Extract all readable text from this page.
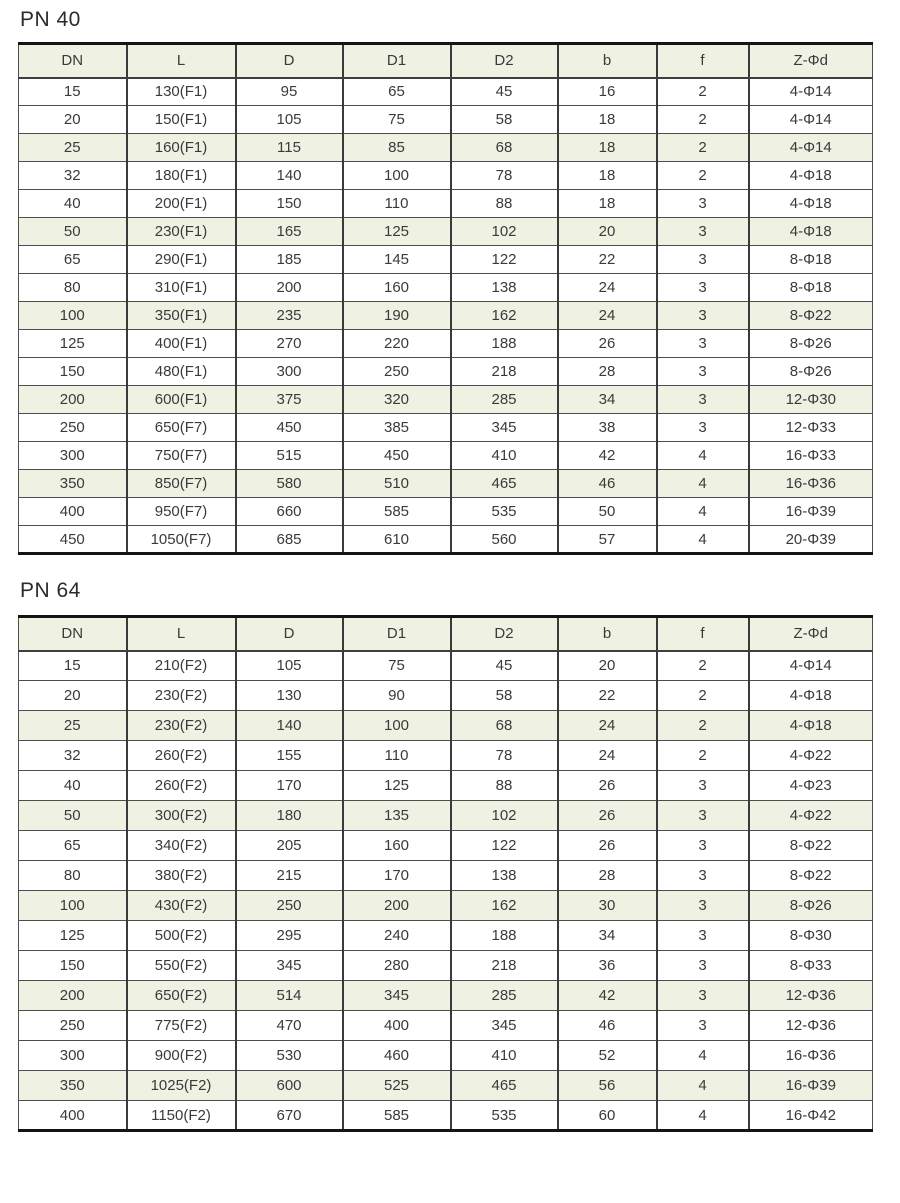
PN 40
DN	L	D	D1	D2	b	f	Z-Φd
15	130(F1)	95	65	45	16	2	4-Φ14
20	150(F1)	105	75	58	18	2	4-Φ14
25	160(F1)	115	85	68	18	2	4-Φ14
32	180(F1)	140	100	78	18	2	4-Φ18
40	200(F1)	150	110	88	18	3	4-Φ18
50	230(F1)	165	125	102	20	3	4-Φ18
65	290(F1)	185	145	122	22	3	8-Φ18
80	310(F1)	200	160	138	24	3	8-Φ18
100	350(F1)	235	190	162	24	3	8-Φ22
125	400(F1)	270	220	188	26	3	8-Φ26
150	480(F1)	300	250	218	28	3	8-Φ26
200	600(F1)	375	320	285	34	3	12-Φ30
250	650(F7)	450	385	345	38	3	12-Φ33
300	750(F7)	515	450	410	42	4	16-Φ33
350	850(F7)	580	510	465	46	4	16-Φ36
400	950(F7)	660	585	535	50	4	16-Φ39
450	1050(F7)	685	610	560	57	4	20-Φ39
PN 64
DN	L	D	D1	D2	b	f	Z-Φd
15	210(F2)	105	75	45	20	2	4-Φ14
20	230(F2)	130	90	58	22	2	4-Φ18
25	230(F2)	140	100	68	24	2	4-Φ18
32	260(F2)	155	110	78	24	2	4-Φ22
40	260(F2)	170	125	88	26	3	4-Φ23
50	300(F2)	180	135	102	26	3	4-Φ22
65	340(F2)	205	160	122	26	3	8-Φ22
80	380(F2)	215	170	138	28	3	8-Φ22
100	430(F2)	250	200	162	30	3	8-Φ26
125	500(F2)	295	240	188	34	3	8-Φ30
150	550(F2)	345	280	218	36	3	8-Φ33
200	650(F2)	514	345	285	42	3	12-Φ36
250	775(F2)	470	400	345	46	3	12-Φ36
300	900(F2)	530	460	410	52	4	16-Φ36
350	1025(F2)	600	525	465	56	4	16-Φ39
400	1150(F2)	670	585	535	60	4	16-Φ42
